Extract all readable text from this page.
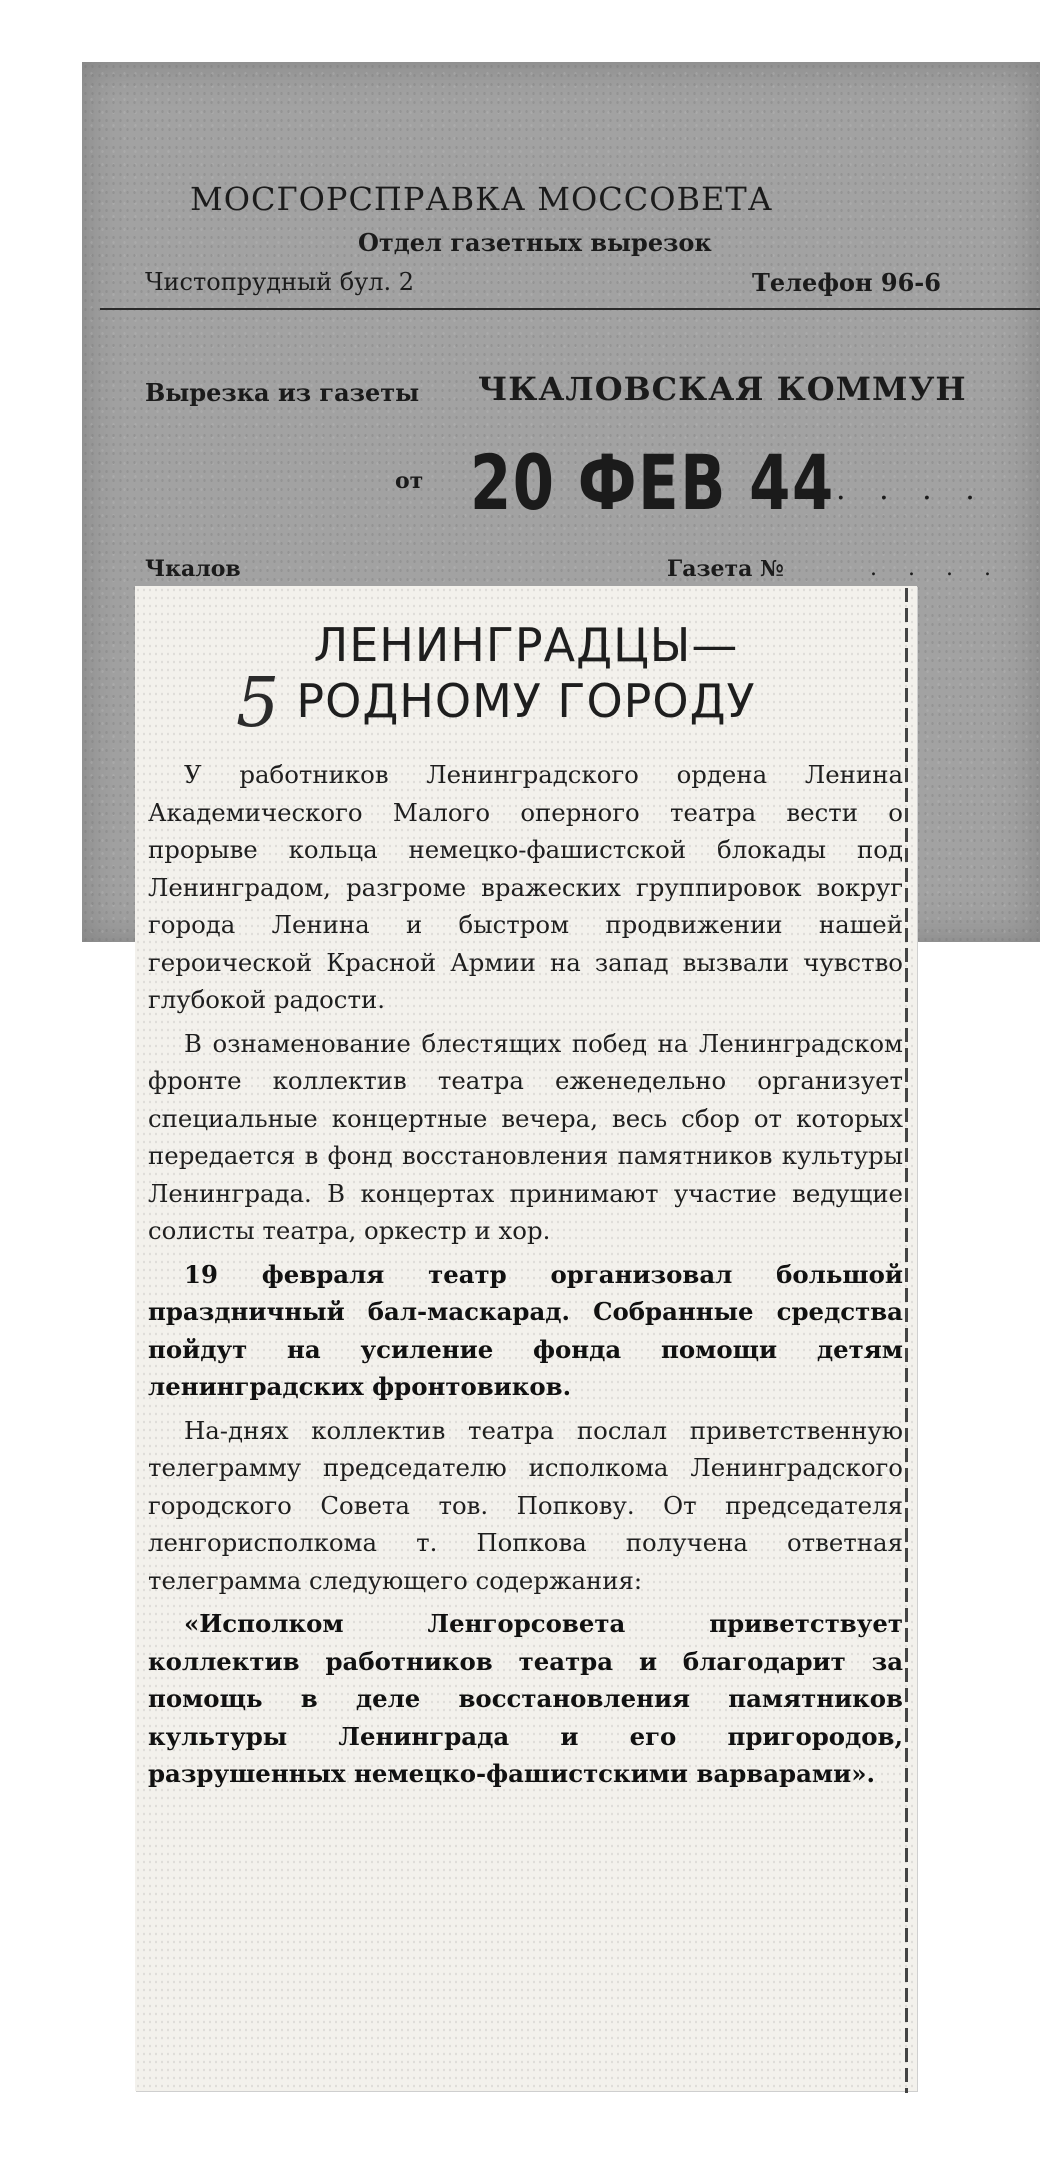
МОСГОРСПРАВКА МОССОВЕТА
Отдел газетных вырезок
Чистопрудный бул. 2	Телефон 96-6
Вырезка из газеты ЧКАЛОВСКАЯ КОММУН
от 20 ФЕВ 44 . . . .
Чкалов	Газета №	. . . .
ЛЕНИНГРАДЦЫ—
РОДНОМУ ГОРОДУ
5

У работников Ленинградского ордена Ленина Академического Малого оперного театра вести о прорыве кольца немецко-фашистской блокады под Ленинградом, разгроме вражеских группировок вокруг города Ленина и быстром продвижении нашей героической Красной Армии на запад вызвали чувство глубокой радости.

В ознаменование блестящих побед на Ленинградском фронте коллектив театра еженедельно организует специальные концертные вечера, весь сбор от которых передается в фонд восстановления памятников культуры Ленинграда. В концертах принимают участие ведущие солисты театра, оркестр и хор.

19 февраля театр организовал большой праздничный бал-маскарад. Собранные средства пойдут на усиление фонда помощи детям ленинградских фронтовиков.

На-днях коллектив театра послал приветственную телеграмму председателю исполкома Ленинградского городского Совета тов. Попкову. От председателя ленгорисполкома т. Попкова получена ответная телеграмма следующего содержания:

«Исполком Ленгорсовета приветствует коллектив работников театра и благодарит за помощь в деле восстановления памятников культуры Ленинграда и его пригородов, разрушенных немецко-фашистскими варварами».
